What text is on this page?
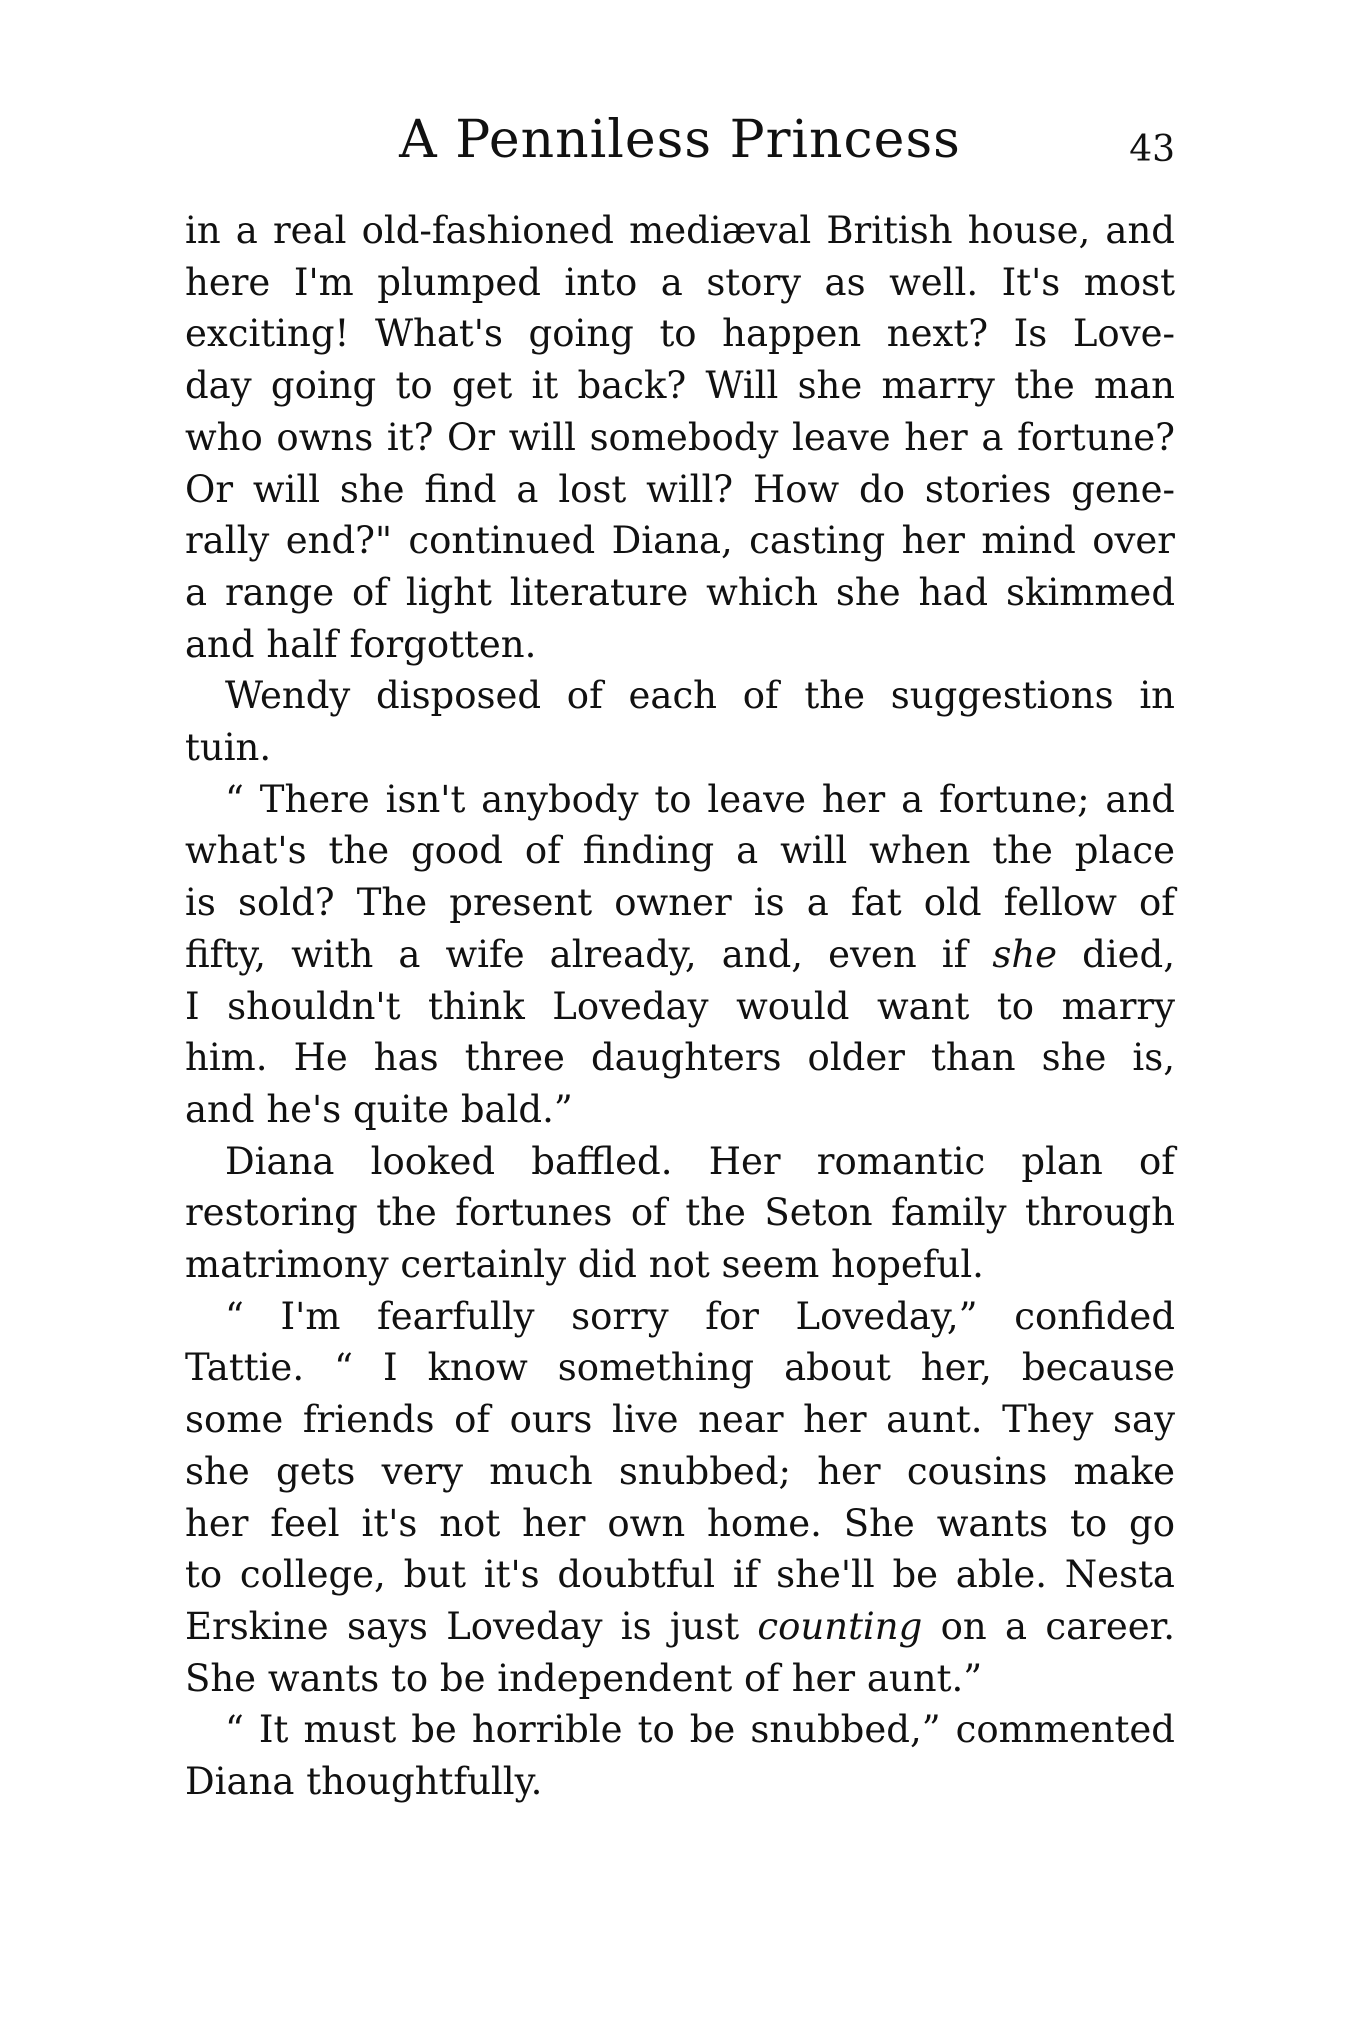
A Penniless Princess	43

in a real old-fashioned mediæval British house, and
here I'm plumped into a story as well. It's most
exciting! What's going to happen next? Is Love-
day going to get it back? Will she marry the man
who owns it? Or will somebody leave her a fortune?
Or will she find a lost will? How do stories gene-
rally end?" continued Diana, casting her mind over
a range of light literature which she had skimmed
and half forgotten.

Wendy disposed of each of the suggestions in
tuin.

“ There isn't anybody to leave her a fortune; and
what's the good of finding a will when the place
is sold? The present owner is a fat old fellow of
fifty, with a wife already, and, even if she died,
I shouldn't think Loveday would want to marry
him. He has three daughters older than she is,
and he's quite bald.”

Diana looked baffled. Her romantic plan of
restoring the fortunes of the Seton family through
matrimony certainly did not seem hopeful.

“ I'm fearfully sorry for Loveday,” confided
Tattie. “ I know something about her, because
some friends of ours live near her aunt. They say
she gets very much snubbed; her cousins make
her feel it's not her own home. She wants to go
to college, but it's doubtful if she'll be able. Nesta
Erskine says Loveday is just counting on a career.
She wants to be independent of her aunt.”

“ It must be horrible to be snubbed,” commented
Diana thoughtfully.
